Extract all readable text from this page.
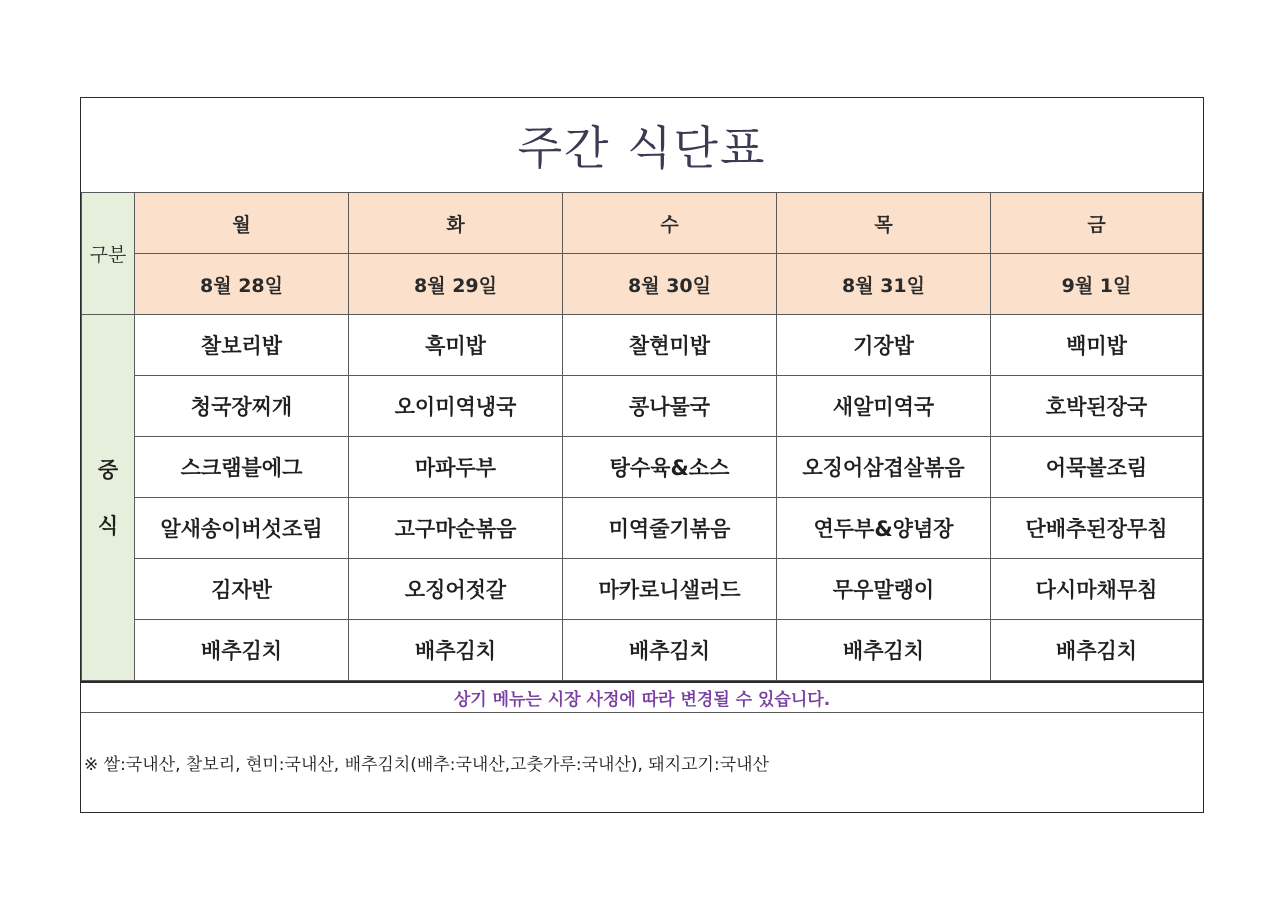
주간 식단표
구분	월	화	수	목	금
	8월 28일	8월 29일	8월 30일	8월 31일	9월 1일
중
식	찰보리밥	흑미밥	찰현미밥	기장밥	백미밥
	청국장찌개	오이미역냉국	콩나물국	새알미역국	호박된장국
	스크램블에그	마파두부	탕수육&소스	오징어삼겹살볶음	어묵볼조림
	알새송이버섯조림	고구마순볶음	미역줄기볶음	연두부&양념장	단배추된장무침
	김자반	오징어젓갈	마카로니샐러드	무우말랭이	다시마채무침
	배추김치	배추김치	배추김치	배추김치	배추김치
상기 메뉴는 시장 사정에 따라 변경될 수 있습니다.
※ 쌀:국내산, 찰보리, 현미:국내산, 배추김치(배추:국내산,고춧가루:국내산), 돼지고기:국내산
